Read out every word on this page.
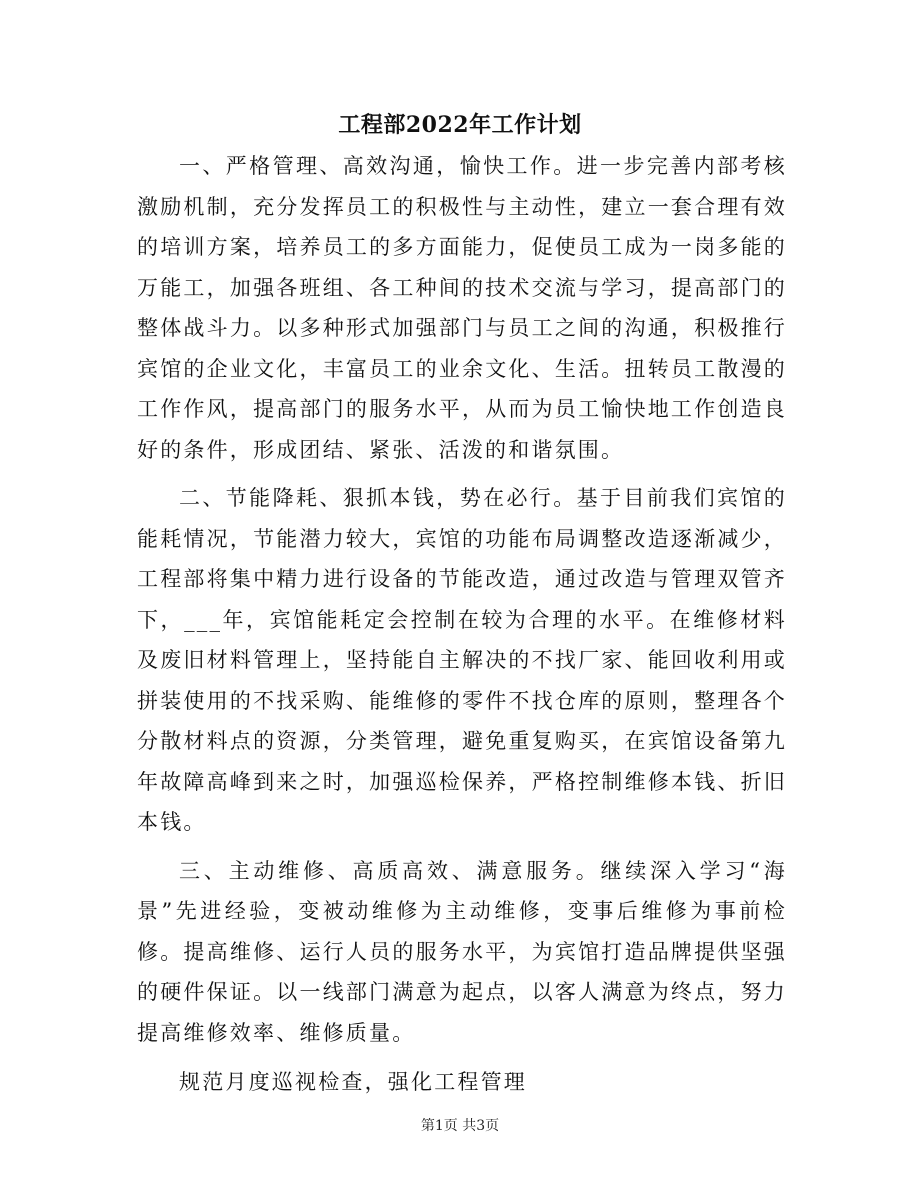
工程部2022年工作计划

一、严格管理、高效沟通，愉快工作。进一步完善内部考核激励机制，充分发挥员工的积极性与主动性，建立一套合理有效的培训方案，培养员工的多方面能力，促使员工成为一岗多能的万能工，加强各班组、各工种间的技术交流与学习，提高部门的整体战斗力。以多种形式加强部门与员工之间的沟通，积极推行宾馆的企业文化，丰富员工的业余文化、生活。扭转员工散漫的工作作风，提高部门的服务水平，从而为员工愉快地工作创造良好的条件，形成团结、紧张、活泼的和谐氛围。

二、节能降耗、狠抓本钱，势在必行。基于目前我们宾馆的能耗情况，节能潜力较大，宾馆的功能布局调整改造逐渐减少，工程部将集中精力进行设备的节能改造，通过改造与管理双管齐下，___年，宾馆能耗定会控制在较为合理的水平。在维修材料及废旧材料管理上，坚持能自主解决的不找厂家、能回收利用或拼装使用的不找采购、能维修的零件不找仓库的原则，整理各个分散材料点的资源，分类管理，避免重复购买，在宾馆设备第九年故障高峰到来之时，加强巡检保养，严格控制维修本钱、折旧本钱。

三、主动维修、高质高效、满意服务。继续深入学习“海景”先进经验，变被动维修为主动维修，变事后维修为事前检修。提高维修、运行人员的服务水平，为宾馆打造品牌提供坚强的硬件保证。以一线部门满意为起点，以客人满意为终点，努力提高维修效率、维修质量。

规范月度巡视检查，强化工程管理

第1页 共3页
